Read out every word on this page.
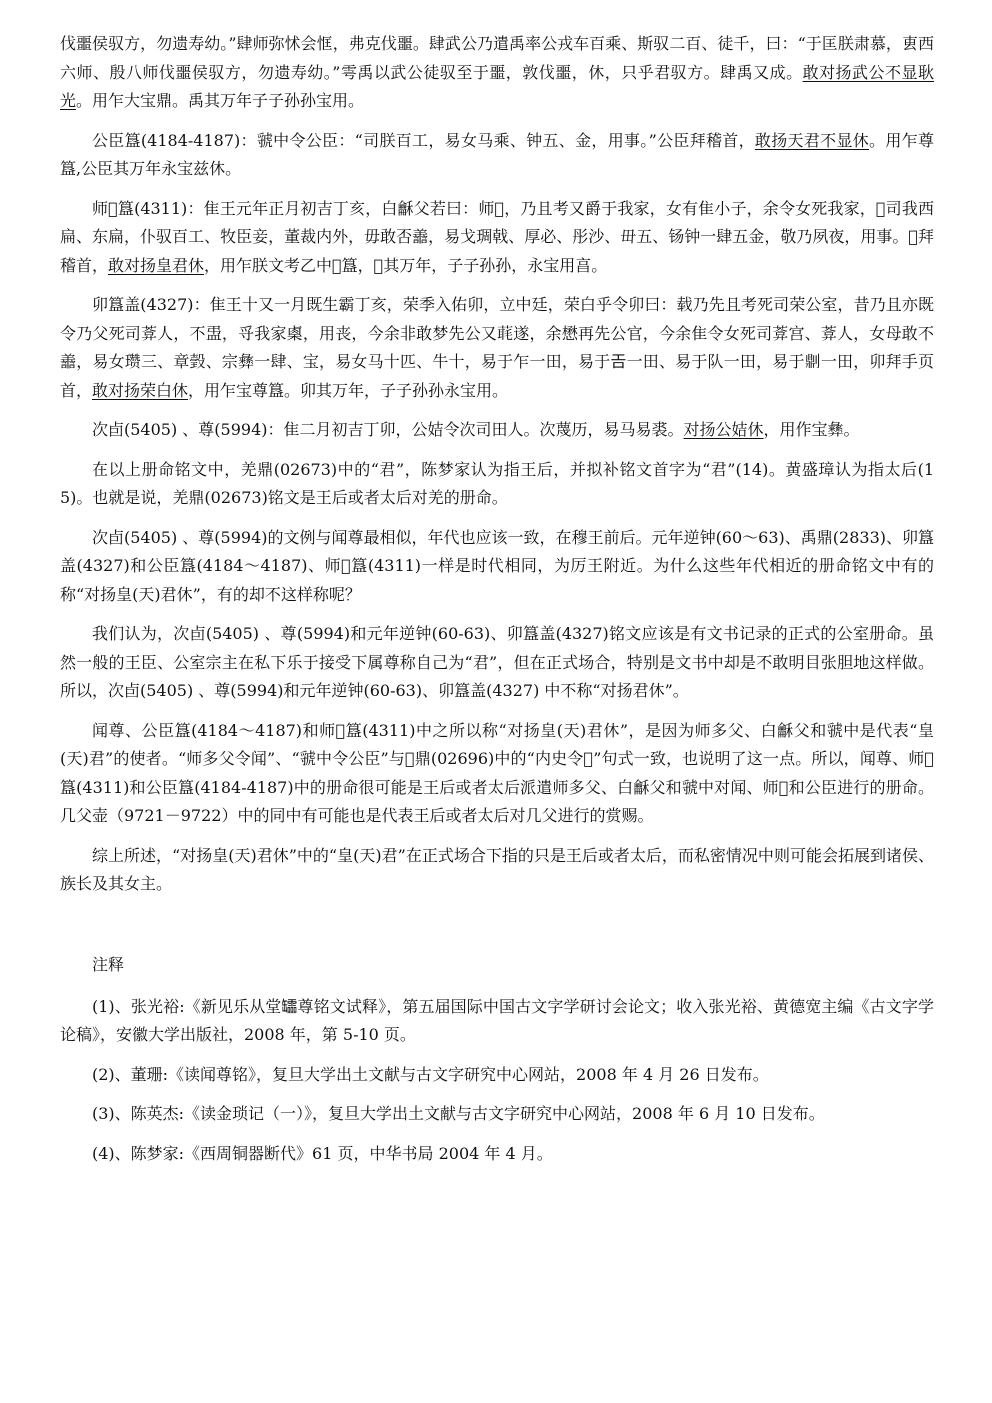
伐噩侯驭方，勿遗寿幼。”肆师弥怵会恇，弗克伐噩。肆武公乃遣禹率公戎车百乘、斯驭二百、徒千，曰：“于匡朕肃慕，叀西六师、殷八师伐噩侯驭方，勿遗寿幼。”雩禹以武公徒驭至于噩，敦伐噩，休，只乎君驭方。肆禹又成。敢对扬武公不显耿光。用乍大宝鼎。禹其万年子子孙孙宝用。

公臣簋(4184-4187)：虢中令公臣：“司朕百工，易女马乘、钟五、金，用事。”公臣拜稽首，敢扬天君不显休。用乍尊簋,公臣其万年永宝兹休。

师𫳳簋(4311)：隹王元年正月初吉丁亥，白龢父若曰：师𫳳，乃且考又爵于我家，女有隹小子，余令女死我家，𫊸司我西扁、东扁，仆驭百工、牧臣妾，董裁内外，毋敢否譱，易戈琱戟、厚必、彤沙、毌五、钖钟一肆五金，敬乃夙夜，用事。𫳳拜稽首，敢对扬皇君休，用乍朕文考乙中𫊻簋，𫳳其万年，子子孙孙，永宝用亯。

卯簋盖(4327)：隹王十又一月既生霸丁亥，荣季入佑卯，立中廷，荣白乎令卯曰：载乃先且考死司荣公室，昔乃且亦既令乃父死司葊人，不盄，寽我家㮚，用丧，今余非敢梦先公又𦶇遂，余懋再先公官，今余隹令女死司葊宫、葊人，女母敢不譱，易女瓒三、章瑴、宗彝一肆、宝，易女马十匹、牛十，易于乍一田，易于𢀛一田、易于队一田，易于𠟭一田，卯拜手页首，敢对扬荣白休，用乍宝尊簋。卯其万年，子子孙孙永宝用。

次卣(5405) 、尊(5994)：隹二月初吉丁卯，公姞令次司田人。次蔑历，易马易裘。对扬公姞休，用作宝彝。

在以上册命铭文中，羌鼎(02673)中的“君”，陈梦家认为指王后，并拟补铭文首字为“君”(14)。黄盛璋认为指太后(15)。也就是说，羌鼎(02673)铭文是王后或者太后对羌的册命。

次卣(5405) 、尊(5994)的文例与闻尊最相似，年代也应该一致，在穆王前后。元年逆钟(60～63)、禹鼎(2833)、卯簋盖(4327)和公臣簋(4184～4187)、师𫳳簋(4311)一样是时代相同，为厉王附近。为什么这些年代相近的册命铭文中有的称“对扬皇(天)君休”，有的却不这样称呢？

我们认为，次卣(5405) 、尊(5994)和元年逆钟(60-63)、卯簋盖(4327)铭文应该是有文书记录的正式的公室册命。虽然一般的王臣、公室宗主在私下乐于接受下属尊称自己为“君”，但在正式场合，特别是文书中却是不敢明目张胆地这样做。所以，次卣(5405) 、尊(5994)和元年逆钟(60-63)、卯簋盖(4327) 中不称“对扬君休”。

闻尊、公臣簋(4184～4187)和师𫳳簋(4311)中之所以称“对扬皇(天)君休”，是因为师多父、白龢父和虢中是代表“皇(天)君”的使者。“师多父令闻”、“虢中令公臣”与𦀚鼎(02696)中的“内史令𦀚”句式一致，也说明了这一点。所以，闻尊、师𫳳簋(4311)和公臣簋(4184-4187)中的册命很可能是王后或者太后派遣师多父、白龢父和虢中对闻、师𫳳和公臣进行的册命。几父壶（9721－9722）中的同中有可能也是代表王后或者太后对几父进行的赏赐。

综上所述，“对扬皇(天)君休”中的“皇(天)君”在正式场合下指的只是王后或者太后，而私密情况中则可能会拓展到诸侯、族长及其女主。

注释

(1)、张光裕:《新见乐从堂𦉢尊铭文试释》，第五届国际中国古文字学研讨会论文；收入张光裕、黄德宽主编《古文字学论稿》，安徽大学出版社，2008 年，第 5-10 页。

(2)、董珊:《读闻尊铭》，复旦大学出土文献与古文字研究中心网站，2008 年 4 月 26 日发布。

(3)、陈英杰:《读金琐记（一）》，复旦大学出土文献与古文字研究中心网站，2008 年 6 月 10 日发布。

(4)、陈梦家:《西周铜器断代》61 页，中华书局 2004 年 4 月。
